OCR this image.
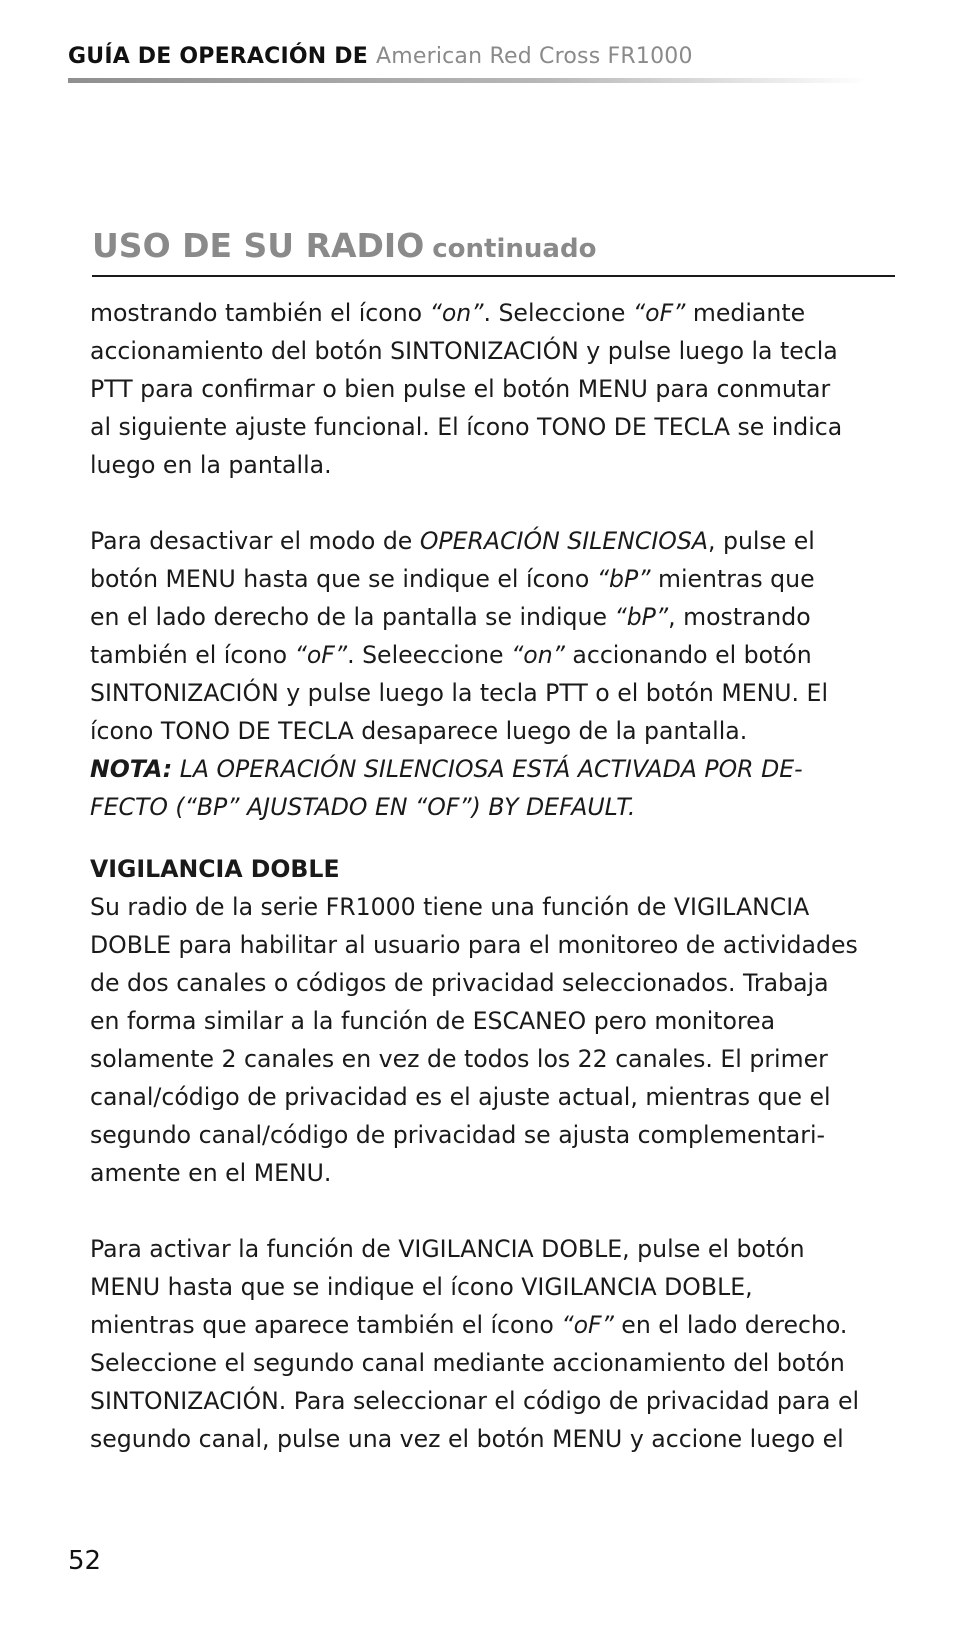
GUÍA DE OPERACIÓN DE American Red Cross FR1000
USO DE SU RADIO continuado
mostrando también el ícono “on”. Seleccione “oF” mediante
accionamiento del botón SINTONIZACIÓN y pulse luego la tecla
PTT para confirmar o bien pulse el botón MENU para conmutar
al siguiente ajuste funcional. El ícono TONO DE TECLA se indica
luego en la pantalla.
Para desactivar el modo de OPERACIÓN SILENCIOSA, pulse el
botón MENU hasta que se indique el ícono “bP” mientras que
en el lado derecho de la pantalla se indique “bP”, mostrando
también el ícono “oF”. Seleeccione “on” accionando el botón
SINTONIZACIÓN y pulse luego la tecla PTT o el botón MENU. El
ícono TONO DE TECLA desaparece luego de la pantalla.
NOTA: LA OPERACIÓN SILENCIOSA ESTÁ ACTIVADA POR DE-
FECTO (“BP” AJUSTADO EN “OF”) BY DEFAULT.
VIGILANCIA DOBLE
Su radio de la serie FR1000 tiene una función de VIGILANCIA
DOBLE para habilitar al usuario para el monitoreo de actividades
de dos canales o códigos de privacidad seleccionados. Trabaja
en forma similar a la función de ESCANEO pero monitorea
solamente 2 canales en vez de todos los 22 canales. El primer
canal/código de privacidad es el ajuste actual, mientras que el
segundo canal/código de privacidad se ajusta complementari-
amente en el MENU.
Para activar la función de VIGILANCIA DOBLE, pulse el botón
MENU hasta que se indique el ícono VIGILANCIA DOBLE,
mientras que aparece también el ícono “oF” en el lado derecho.
Seleccione el segundo canal mediante accionamiento del botón
SINTONIZACIÓN. Para seleccionar el código de privacidad para el
segundo canal, pulse una vez el botón MENU y accione luego el
52
